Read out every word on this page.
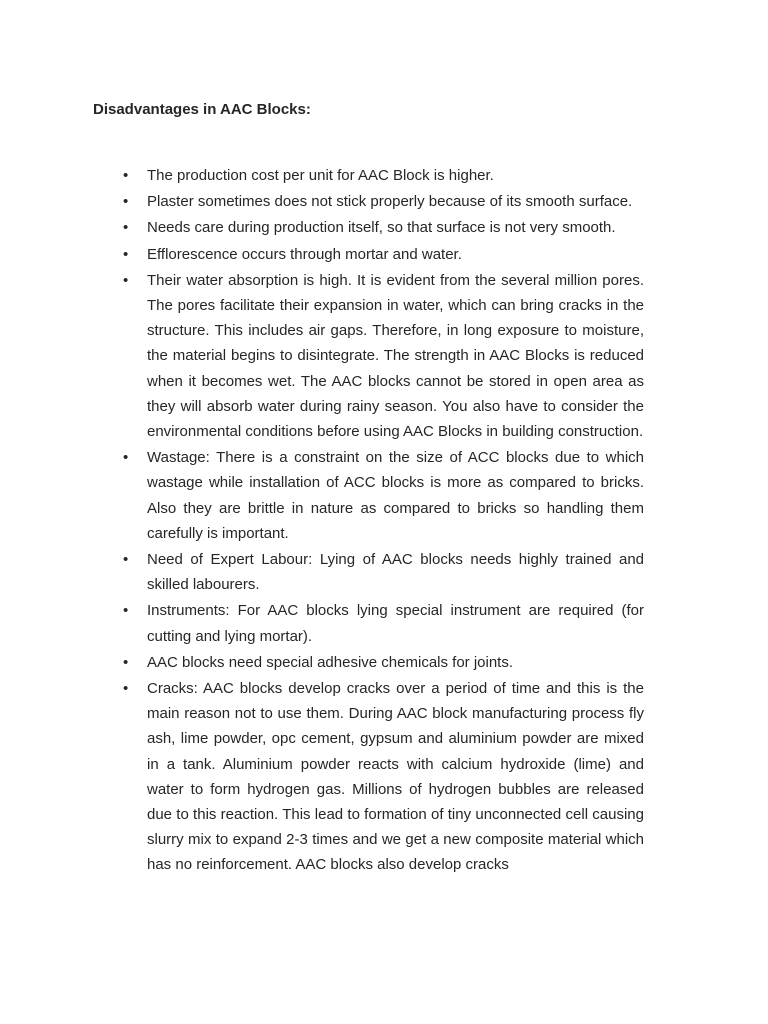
Disadvantages in AAC Blocks:
• The production cost per unit for AAC Block is higher.
• Plaster sometimes does not stick properly because of its smooth surface.
• Needs care during production itself, so that surface is not very smooth.
• Efflorescence occurs through mortar and water.
• Their water absorption is high. It is evident from the several million pores. The pores facilitate their expansion in water, which can bring cracks in the structure. This includes air gaps. Therefore, in long exposure to moisture, the material begins to disintegrate. The strength in AAC Blocks is reduced when it becomes wet. The AAC blocks cannot be stored in open area as they will absorb water during rainy season. You also have to consider the environmental conditions before using AAC Blocks in building construction.
• Wastage: There is a constraint on the size of ACC blocks due to which wastage while installation of ACC blocks is more as compared to bricks. Also they are brittle in nature as compared to bricks so handling them carefully is important.
• Need of Expert Labour: Lying of AAC blocks needs highly trained and skilled labourers.
• Instruments: For AAC blocks lying special instrument are required (for cutting and lying mortar).
• AAC blocks need special adhesive chemicals for joints.
• Cracks: AAC blocks develop cracks over a period of time and this is the main reason not to use them. During AAC block manufacturing process fly ash, lime powder, opc cement, gypsum and aluminium powder are mixed in a tank. Aluminium powder reacts with calcium hydroxide (lime) and water to form hydrogen gas. Millions of hydrogen bubbles are released due to this reaction. This lead to formation of tiny unconnected cell causing slurry mix to expand 2-3 times and we get a new composite material which has no reinforcement. AAC blocks also develop cracks
